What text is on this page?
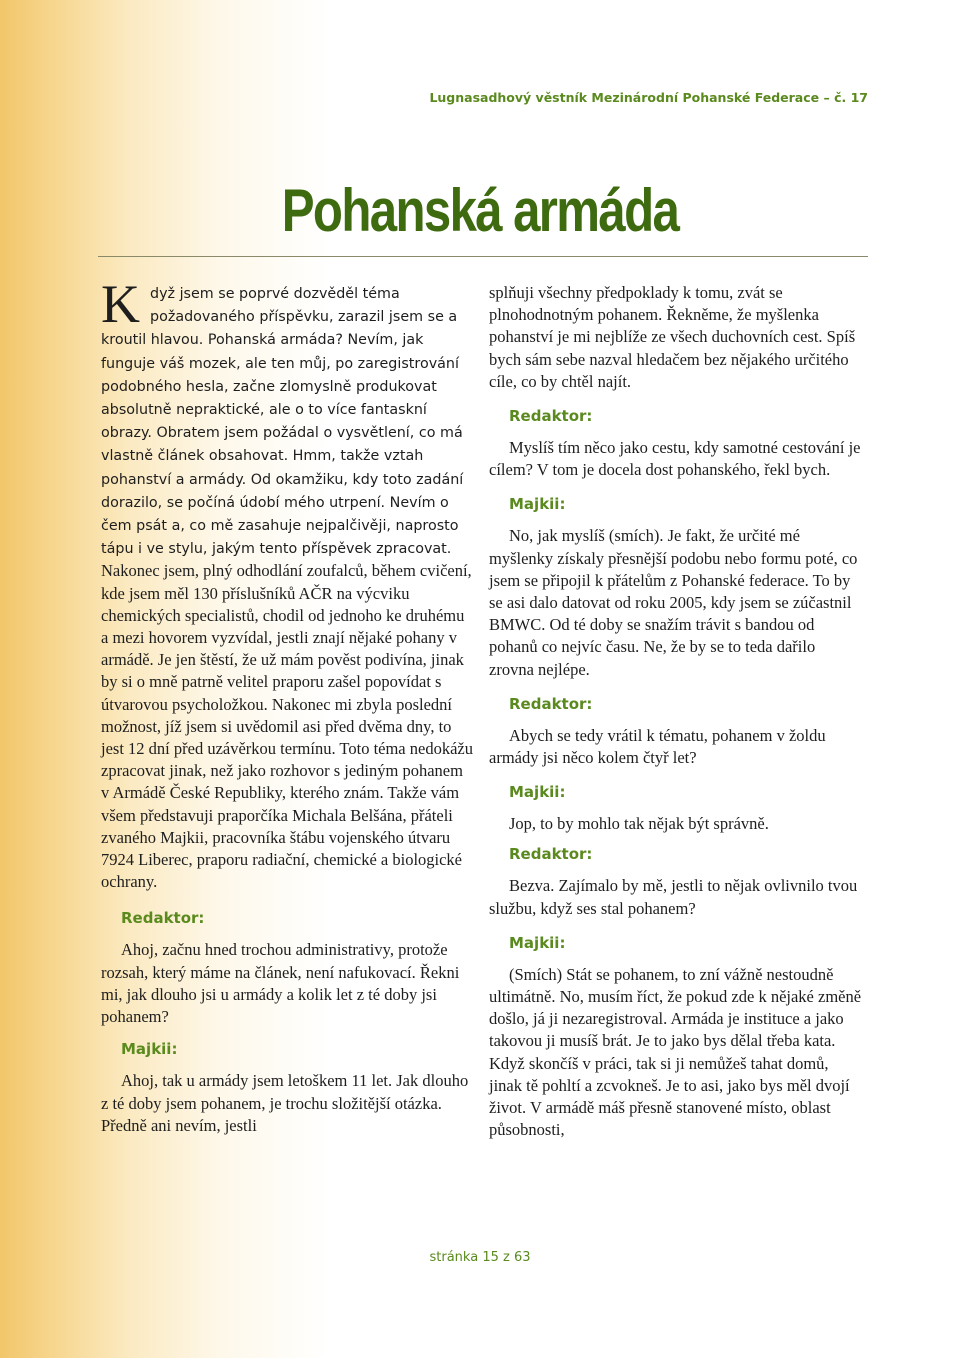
Lugnasadhový věstník Mezinárodní Pohanské Federace – č. 17
Pohanská armáda

Když jsem se poprvé dozvěděl téma požadovaného příspěvku, zarazil jsem se a kroutil hlavou. Pohanská armáda? Nevím, jak funguje váš mozek, ale ten můj, po zaregistrování podobného hesla, začne zlomyslně produkovat absolutně nepraktické, ale o to více fantaskní obrazy. Obratem jsem požádal o vysvětlení, co má vlastně článek obsahovat. Hmm, takže vztah pohanství a armády. Od okamžiku, kdy toto zadání dorazilo, se počíná údobí mého utrpení. Nevím o čem psát a, co mě zasahuje nejpalčivěji, naprosto tápu i ve stylu, jakým tento příspěvek zpracovat. Nakonec jsem, plný odhodlání zoufalců, během cvičení, kde jsem měl 130 příslušníků AČR na výcviku chemických specialistů, chodil od jednoho ke druhému a mezi hovorem vyzvídal, jestli znají nějaké pohany v armádě. Je jen štěstí, že už mám pověst podivína, jinak by si o mně patrně velitel praporu zašel popovídat s útvarovou psycholožkou. Nakonec mi zbyla poslední možnost, jíž jsem si uvědomil asi před dvěma dny, to jest 12 dní před uzávěrkou termínu. Toto téma nedokážu zpracovat jinak, než jako rozhovor s jediným pohanem v Armádě České Republiky, kterého znám. Takže vám všem představuji praporčíka Michala Belšána, přáteli zvaného Majkii, pracovníka štábu vojenského útvaru 7924 Liberec, praporu radiační, chemické a biologické ochrany.

Redaktor:

Ahoj, začnu hned trochou administrativy, protože rozsah, který máme na článek, není nafukovací. Řekni mi, jak dlouho jsi u armády a kolik let z té doby jsi pohanem?

Majkii:

Ahoj, tak u armády jsem letoškem 11 let. Jak dlouho z té doby jsem pohanem, je trochu složitější otázka. Předně ani nevím, jestli

splňuji všechny předpoklady k tomu, zvát se plnohodnotným pohanem. Řekněme, že myšlenka pohanství je mi nejblíže ze všech duchovních cest. Spíš bych sám sebe nazval hledačem bez nějakého určitého cíle, co by chtěl najít.

Redaktor:

Myslíš tím něco jako cestu, kdy samotné cestování je cílem? V tom je docela dost pohanského, řekl bych.

Majkii:

No, jak myslíš (smích). Je fakt, že určité mé myšlenky získaly přesnější podobu nebo formu poté, co jsem se připojil k přátelům z Pohanské federace. To by se asi dalo datovat od roku 2005, kdy jsem se zúčastnil BMWC. Od té doby se snažím trávit s bandou od pohanů co nejvíc času. Ne, že by se to teda dařilo zrovna nejlépe.

Redaktor:

Abych se tedy vrátil k tématu, pohanem v žoldu armády jsi něco kolem čtyř let?

Majkii:

Jop, to by mohlo tak nějak být správně.

Redaktor:

Bezva. Zajímalo by mě, jestli to nějak ovlivnilo tvou službu, když ses stal pohanem?

Majkii:

(Smích) Stát se pohanem, to zní vážně nestoudně ultimátně. No, musím říct, že pokud zde k nějaké změně došlo, já ji nezaregistroval. Armáda je instituce a jako takovou ji musíš brát. Je to jako bys dělal třeba kata. Když skončíš v práci, tak si ji nemůžeš tahat domů, jinak tě pohltí a zcvokneš. Je to asi, jako bys měl dvojí život. V armádě máš přesně stanovené místo, oblast působnosti,

stránka 15 z 63
